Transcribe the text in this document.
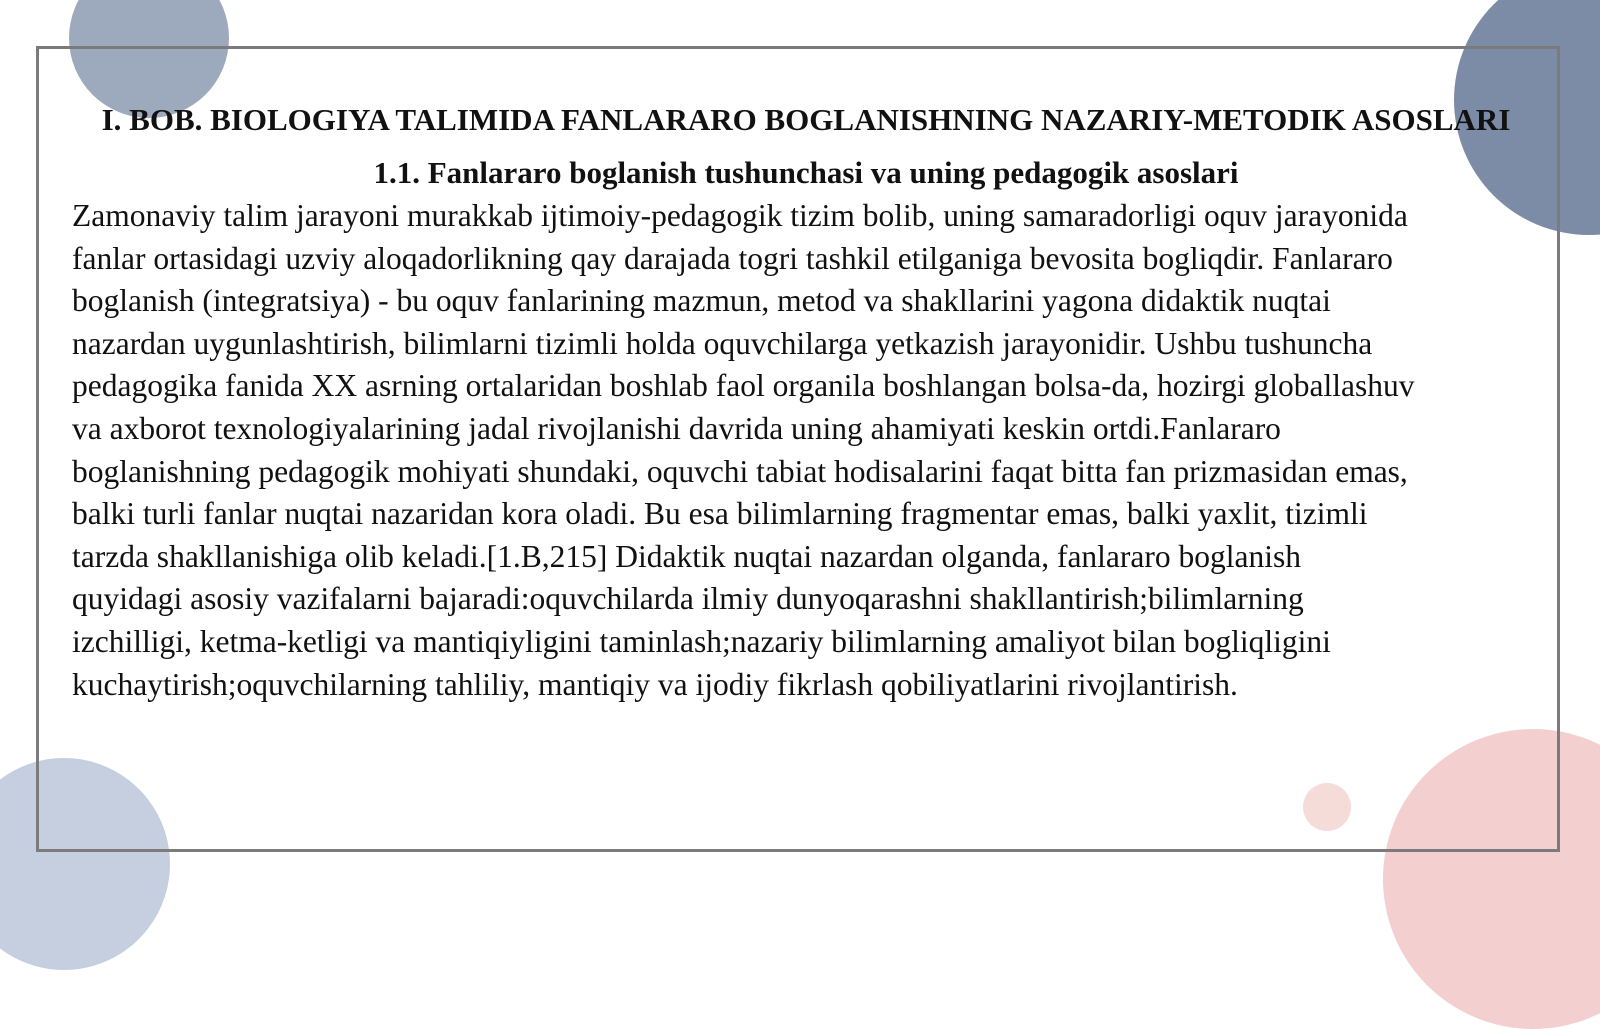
I. BOB. BIOLOGIYA TALIMIDA FANLARARO BOGLANISHNING NAZARIY-METODIK ASOSLARI
1.1. Fanlararo boglanish tushunchasi va uning pedagogik asoslari

Zamonaviy talim jarayoni murakkab ijtimoiy-pedagogik tizim bolib, uning samaradorligi oquv jarayonida
fanlar ortasidagi uzviy aloqadorlikning qay darajada togri tashkil etilganiga bevosita bogliqdir. Fanlararo
boglanish (integratsiya) - bu oquv fanlarining mazmun, metod va shakllarini yagona didaktik nuqtai
nazardan uygunlashtirish, bilimlarni tizimli holda oquvchilarga yetkazish jarayonidir. Ushbu tushuncha
pedagogika fanida XX asrning ortalaridan boshlab faol organila boshlangan bolsa-da, hozirgi globallashuv
va axborot texnologiyalarining jadal rivojlanishi davrida uning ahamiyati keskin ortdi.Fanlararo
boglanishning pedagogik mohiyati shundaki, oquvchi tabiat hodisalarini faqat bitta fan prizmasidan emas,
balki turli fanlar nuqtai nazaridan kora oladi. Bu esa bilimlarning fragmentar emas, balki yaxlit, tizimli
tarzda shakllanishiga olib keladi.[1.B,215] Didaktik nuqtai nazardan olganda, fanlararo boglanish
quyidagi asosiy vazifalarni bajaradi:oquvchilarda ilmiy dunyoqarashni shakllantirish;bilimlarning
izchilligi, ketma-ketligi va mantiqiyligini taminlash;nazariy bilimlarning amaliyot bilan bogliqligini
kuchaytirish;oquvchilarning tahliliy, mantiqiy va ijodiy fikrlash qobiliyatlarini rivojlantirish.
